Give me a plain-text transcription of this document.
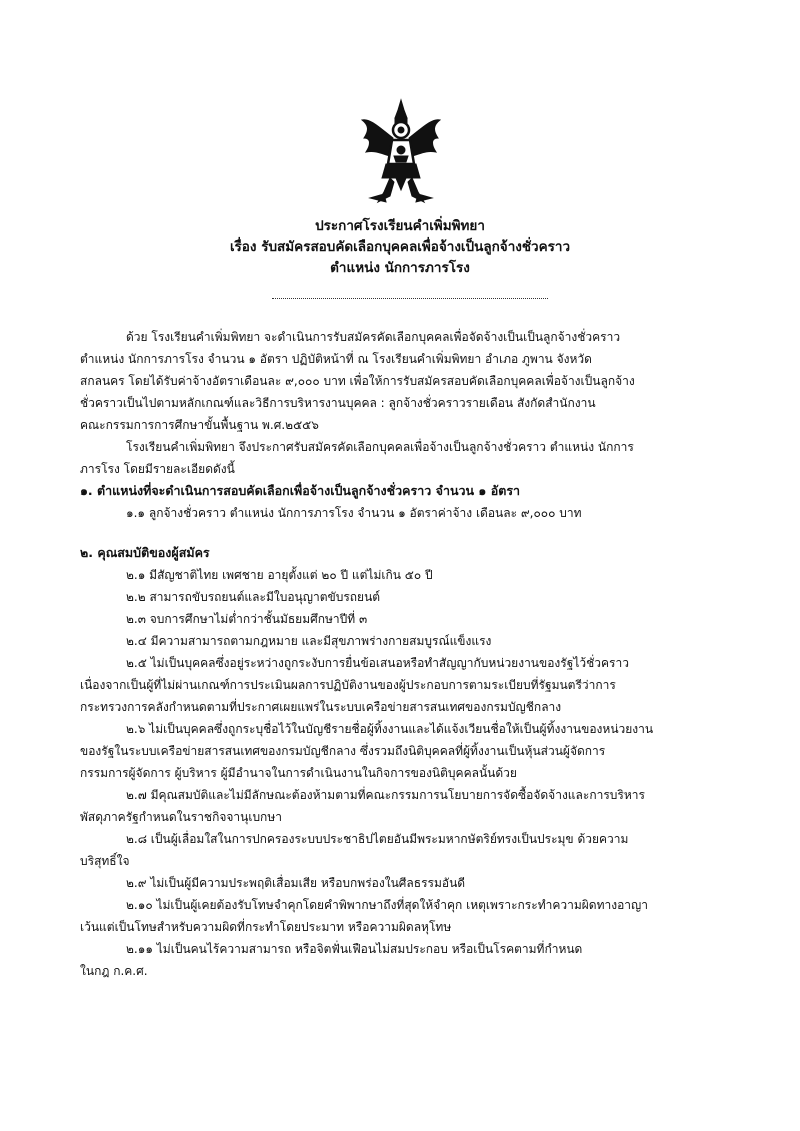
ประกาศโรงเรียนคำเพิ่มพิทยา
เรื่อง รับสมัครสอบคัดเลือกบุคคลเพื่อจ้างเป็นลูกจ้างชั่วคราว
ตำแหน่ง นักการภารโรง
ด้วย โรงเรียนคำเพิ่มพิทยา จะดำเนินการรับสมัครคัดเลือกบุคคลเพื่อจัดจ้างเป็นเป็นลูกจ้างชั่วคราว
ตำแหน่ง นักการภารโรง จำนวน ๑ อัตรา ปฏิบัติหน้าที่ ณ โรงเรียนคำเพิ่มพิทยา อำเภอ ภูพาน จังหวัด
สกลนคร โดยได้รับค่าจ้างอัตราเดือนละ ๙,๐๐๐ บาท เพื่อให้การรับสมัครสอบคัดเลือกบุคคลเพื่อจ้างเป็นลูกจ้าง
ชั่วคราวเป็นไปตามหลักเกณฑ์และวิธีการบริหารงานบุคคล : ลูกจ้างชั่วคราวรายเดือน สังกัดสำนักงาน
คณะกรรมการการศึกษาขั้นพื้นฐาน พ.ศ.๒๕๕๖
โรงเรียนคำเพิ่มพิทยา จึงประกาศรับสมัครคัดเลือกบุคคลเพื่อจ้างเป็นลูกจ้างชั่วคราว ตำแหน่ง นักการ
ภารโรง โดยมีรายละเอียดดังนี้
๑. ตำแหน่งที่จะดำเนินการสอบคัดเลือกเพื่อจ้างเป็นลูกจ้างชั่วคราว จำนวน ๑ อัตรา
๑.๑ ลูกจ้างชั่วคราว ตำแหน่ง นักการภารโรง จำนวน ๑ อัตราค่าจ้าง เดือนละ ๙,๐๐๐ บาท
๒. คุณสมบัติของผู้สมัคร
๒.๑ มีสัญชาติไทย เพศชาย อายุตั้งแต่ ๒๐ ปี แต่ไม่เกิน ๕๐ ปี
๒.๒ สามารถขับรถยนต์และมีใบอนุญาตขับรถยนต์
๒.๓ จบการศึกษาไม่ต่ำกว่าชั้นมัธยมศึกษาปีที่ ๓
๒.๔ มีความสามารถตามกฎหมาย และมีสุขภาพร่างกายสมบูรณ์แข็งแรง
๒.๕ ไม่เป็นบุคคลซึ่งอยู่ระหว่างถูกระงับการยื่นข้อเสนอหรือทำสัญญากับหน่วยงานของรัฐไว้ชั่วคราว
เนื่องจากเป็นผู้ที่ไม่ผ่านเกณฑ์การประเมินผลการปฏิบัติงานของผู้ประกอบการตามระเบียบที่รัฐมนตรีว่าการ
กระทรวงการคลังกำหนดตามที่ประกาศเผยแพร่ในระบบเครือข่ายสารสนเทศของกรมบัญชีกลาง
๒.๖ ไม่เป็นบุคคลซึ่งถูกระบุชื่อไว้ในบัญชีรายชื่อผู้ทิ้งงานและได้แจ้งเวียนชื่อให้เป็นผู้ทิ้งงานของหน่วยงาน
ของรัฐในระบบเครือข่ายสารสนเทศของกรมบัญชีกลาง ซึ่งรวมถึงนิติบุคคลที่ผู้ทิ้งงานเป็นหุ้นส่วนผู้จัดการ
กรรมการผู้จัดการ ผู้บริหาร ผู้มีอำนาจในการดำเนินงานในกิจการของนิติบุคคลนั้นด้วย
๒.๗ มีคุณสมบัติและไม่มีลักษณะต้องห้ามตามที่คณะกรรมการนโยบายการจัดซื้อจัดจ้างและการบริหาร
พัสดุภาครัฐกำหนดในราชกิจจานุเบกษา
๒.๘ เป็นผู้เลื่อมใสในการปกครองระบบประชาธิปไตยอันมีพระมหากษัตริย์ทรงเป็นประมุข ด้วยความ
บริสุทธิ์ใจ
๒.๙ ไม่เป็นผู้มีความประพฤติเสื่อมเสีย หรือบกพร่องในศีลธรรมอันดี
๒.๑๐ ไม่เป็นผู้เคยต้องรับโทษจำคุกโดยคำพิพากษาถึงที่สุดให้จำคุก เหตุเพราะกระทำความผิดทางอาญา
เว้นแต่เป็นโทษสำหรับความผิดที่กระทำโดยประมาท หรือความผิดลหุโทษ
๒.๑๑ ไม่เป็นคนไร้ความสามารถ หรือจิตฟั่นเฟือนไม่สมประกอบ หรือเป็นโรคตามที่กำหนด
ในกฎ ก.ค.ศ.
